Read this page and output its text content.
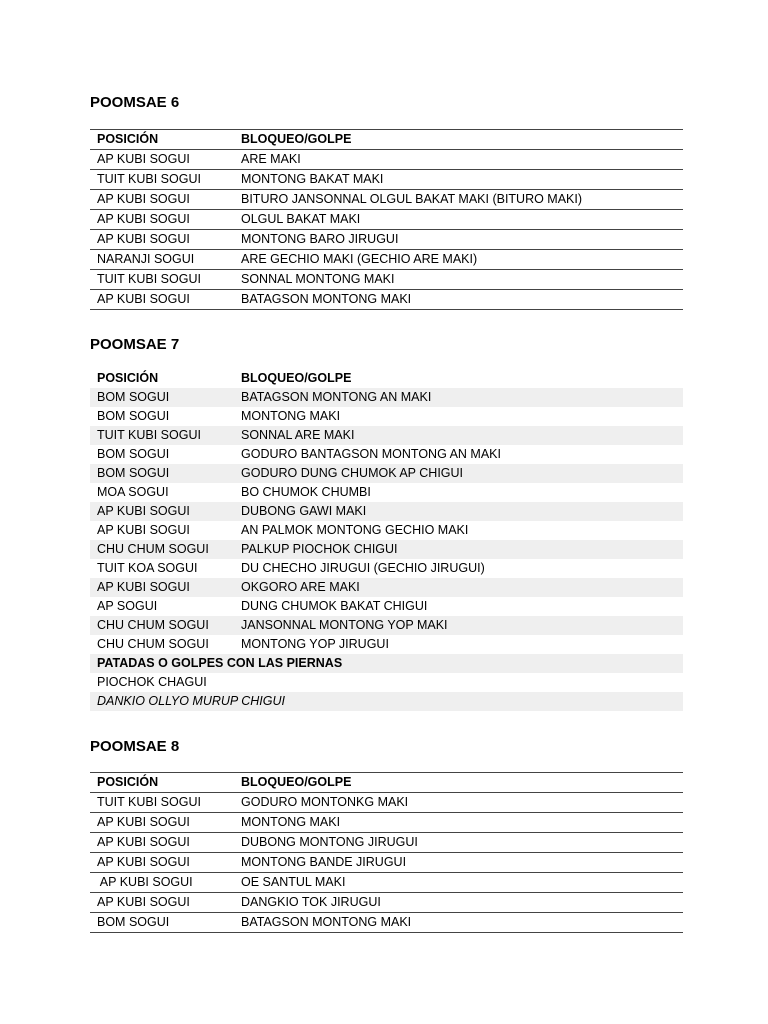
POOMSAE 6
POSICIÓN	BLOQUEO/GOLPE
AP KUBI SOGUI	ARE MAKI
TUIT KUBI SOGUI	MONTONG BAKAT MAKI
AP KUBI SOGUI	BITURO JANSONNAL OLGUL BAKAT MAKI (BITURO MAKI)
AP KUBI SOGUI	OLGUL BAKAT MAKI
AP KUBI SOGUI	MONTONG BARO JIRUGUI
NARANJI SOGUI	ARE GECHIO MAKI (GECHIO ARE MAKI)
TUIT KUBI SOGUI	SONNAL MONTONG MAKI
AP KUBI SOGUI	BATAGSON MONTONG MAKI
POOMSAE 7
POSICIÓN	BLOQUEO/GOLPE
BOM SOGUI	BATAGSON MONTONG AN MAKI
BOM SOGUI	MONTONG MAKI
TUIT KUBI SOGUI	SONNAL ARE MAKI
BOM SOGUI	GODURO BANTAGSON MONTONG AN MAKI
BOM SOGUI	GODURO DUNG CHUMOK AP CHIGUI
MOA SOGUI	BO CHUMOK CHUMBI
AP KUBI SOGUI	DUBONG GAWI MAKI
AP KUBI SOGUI	AN PALMOK MONTONG GECHIO MAKI
CHU CHUM SOGUI	PALKUP PIOCHOK CHIGUI
TUIT KOA SOGUI	DU CHECHO JIRUGUI (GECHIO JIRUGUI)
AP KUBI SOGUI	OKGORO ARE MAKI
AP SOGUI	DUNG CHUMOK BAKAT CHIGUI
CHU CHUM SOGUI	JANSONNAL MONTONG YOP MAKI
CHU CHUM SOGUI	MONTONG YOP JIRUGUI
PATADAS O GOLPES CON LAS PIERNAS	
PIOCHOK CHAGUI	
DANKIO OLLYO MURUP CHIGUI	
POOMSAE 8
POSICIÓN	BLOQUEO/GOLPE
TUIT KUBI SOGUI	GODURO MONTONKG MAKI
AP KUBI SOGUI	MONTONG MAKI
AP KUBI SOGUI	DUBONG MONTONG JIRUGUI
AP KUBI SOGUI	MONTONG BANDE JIRUGUI
AP KUBI SOGUI	OE SANTUL MAKI
AP KUBI SOGUI	DANGKIO TOK JIRUGUI
BOM SOGUI	BATAGSON MONTONG MAKI
